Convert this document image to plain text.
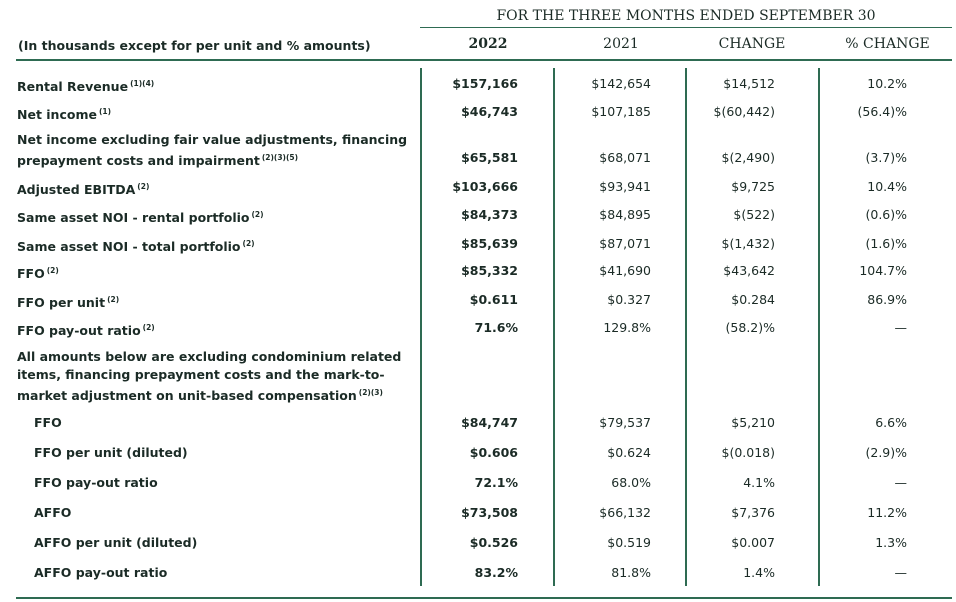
FOR THE THREE MONTHS ENDED SEPTEMBER 30
(In thousands except for per unit and % amounts)	2022	2021	CHANGE	% CHANGE
Rental Revenue $^{(1)(4)}$	$157,166	$142,654	$14,512	10.2%
Net income $^{(1)}$	$46,743	$107,185	$(60,442)	(56.4)%
Net income excluding fair value adjustments, financing
prepayment costs and impairment $^{(2)(3)(5)}$	$65,581	$68,071	$(2,490)	(3.7)%
Adjusted EBITDA $^{(2)}$	$103,666	$93,941	$9,725	10.4%
Same asset NOI - rental portfolio $^{(2)}$	$84,373	$84,895	$(522)	(0.6)%
Same asset NOI - total portfolio $^{(2)}$	$85,639	$87,071	$(1,432)	(1.6)%
FFO $^{(2)}$	$85,332	$41,690	$43,642	104.7%
FFO per unit $^{(2)}$	$0.611	$0.327	$0.284	86.9%
FFO pay-out ratio $^{(2)}$	71.6%	129.8%	(58.2)%	—
All amounts below are excluding condominium related
items, financing prepayment costs and the mark-to-
market adjustment on unit-based compensation $^{(2)(3)}$
FFO	$84,747	$79,537	$5,210	6.6%
FFO per unit (diluted)	$0.606	$0.624	$(0.018)	(2.9)%
FFO pay-out ratio	72.1%	68.0%	4.1%	—
AFFO	$73,508	$66,132	$7,376	11.2%
AFFO per unit (diluted)	$0.526	$0.519	$0.007	1.3%
AFFO pay-out ratio	83.2%	81.8%	1.4%	—
